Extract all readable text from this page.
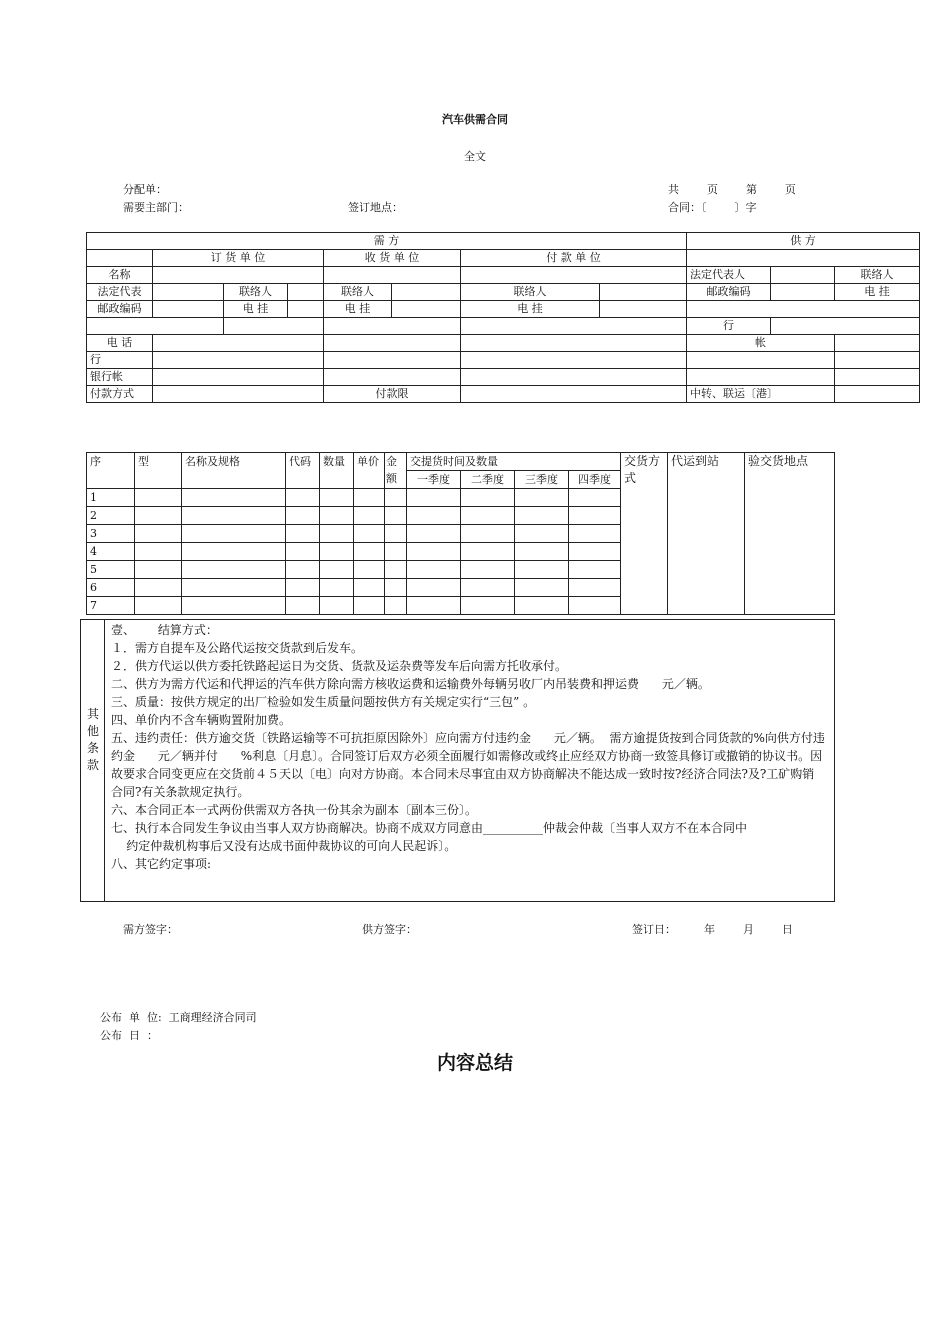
汽车供需合同
全文
分配单：	共        页        第        页
需要主部门：	签订地点：	合同：〔        〕字
需 方								供 方		
	订 货 单 位			收 货 单 位		付 款 单 位				
名称								法定代表人		联络人
法定代表		联络人		联络人		联络人		邮政编码		电 挂
邮政编码		电 挂		电 挂		电 挂				
								行		
电 话								帐		
行										
银行帐										
付款方式				付款限				中转、联运〔港〕		
序	型	名称及规格	代码	数量	单价	金额	交提货时间及数量				交货方式	代运到站	验交货地点
							一季度	二季度	三季度	四季度			
1													
2													
3													
4													
5													
6													
7													
其他条款
壹、      结算方式：
１．需方自提车及公路代运按交货款到后发车。
２．供方代运以供方委托铁路起运日为交货、货款及运杂费等发车后向需方托收承付。
二、供方为需方代运和代押运的汽车供方除向需方核收运费和运输费外每辆另收厂内吊装费和押运费      元／辆。
三、质量：按供方规定的出厂检验如发生质量问题按供方有关规定实行“三包” 。
四、单价内不含车辆购置附加费。
五、违约责任：供方逾交货〔铁路运输等不可抗拒原因除外〕应向需方付违约金      元／辆。  需方逾提货按到合同货款的%向供方付违约金      元／辆并付      %利息〔月息〕。合同签订后双方必须全面履行如需修改或终止应经双方协商一致签具修订或撤销的协议书。因故要求合同变更应在交货前４５天以〔电〕向对方协商。本合同未尽事宜由双方协商解决不能达成一致时按?经济合同法?及?工矿购销合同?有关条款规定执行。
六、本合同正本一式两份供需双方各执一份其余为副本〔副本三份〕。
七、执行本合同发生争议由当事人双方协商解决。协商不成双方同意由__________仲裁会仲裁〔当事人双方不在本合同中
约定仲裁机构事后又没有达成书面仲裁协议的可向人民起诉〕。
八、其它约定事项:
需方签字：	供方签字：	签订日：        年        月        日
公布  单  位:  工商理经济合同司
公布  日  ：
内容总结
